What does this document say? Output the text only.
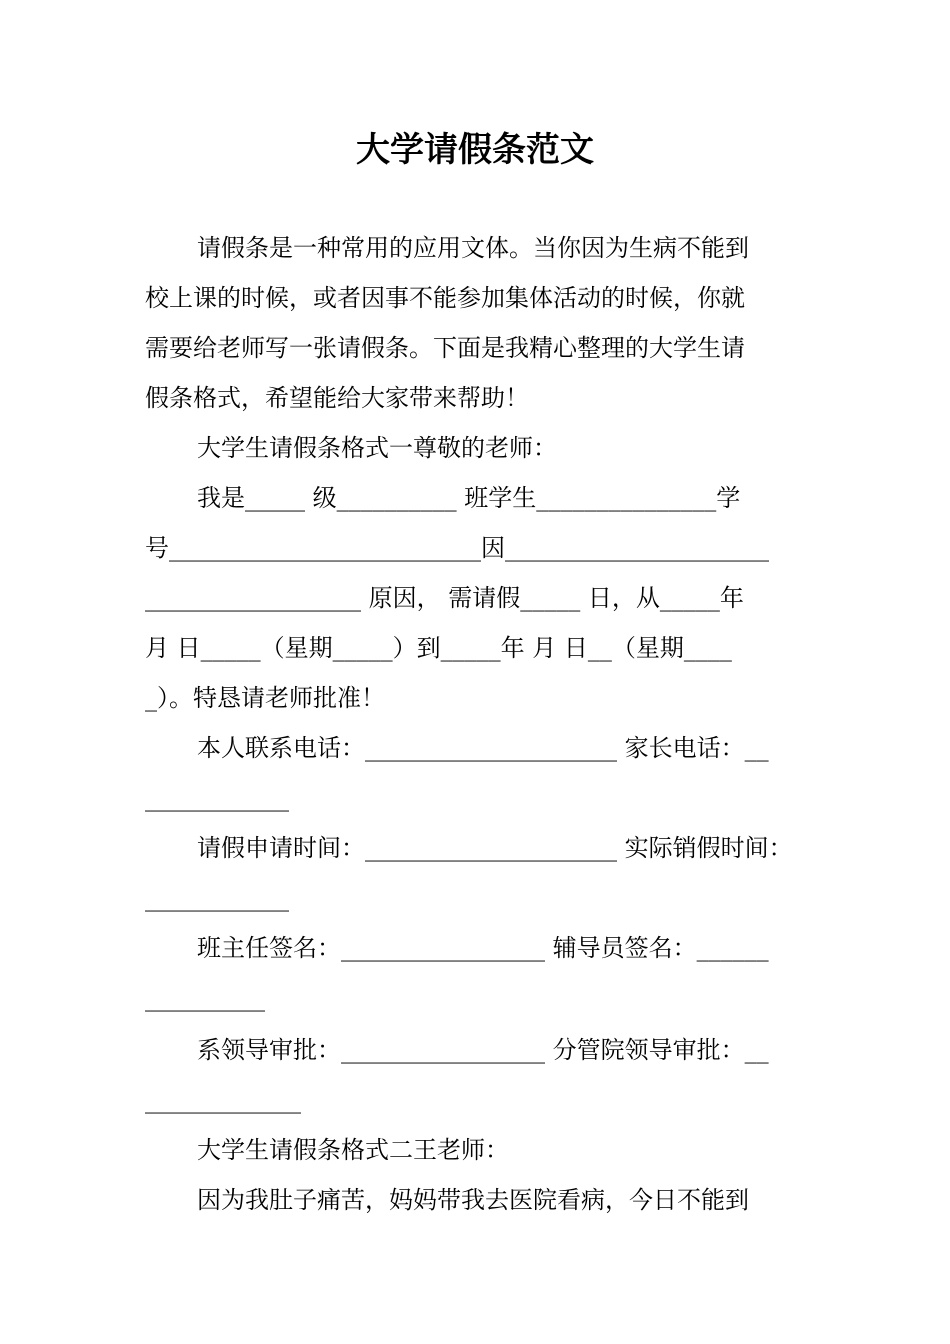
大学请假条范文
请假条是一种常用的应用文体。当你因为生病不能到
校上课的时候，或者因事不能参加集体活动的时候，你就
需要给老师写一张请假条。下面是我精心整理的大学生请
假条格式，希望能给大家带来帮助！
大学生请假条格式一尊敬的老师：
我是_____ 级__________ 班学生_______________学
号__________________________因______________________
__________________ 原因， 需请假_____ 日，从_____年
月 日_____（星期_____）到_____年 月 日__（星期____
_）。特恳请老师批准！
本人联系电话：_____________________ 家长电话：__
____________
请假申请时间：_____________________ 实际销假时间：
____________
班主任签名：_________________ 辅导员签名：______
__________
系领导审批：_________________ 分管院领导审批：__
_____________
大学生请假条格式二王老师：
因为我肚子痛苦，妈妈带我去医院看病，今日不能到
